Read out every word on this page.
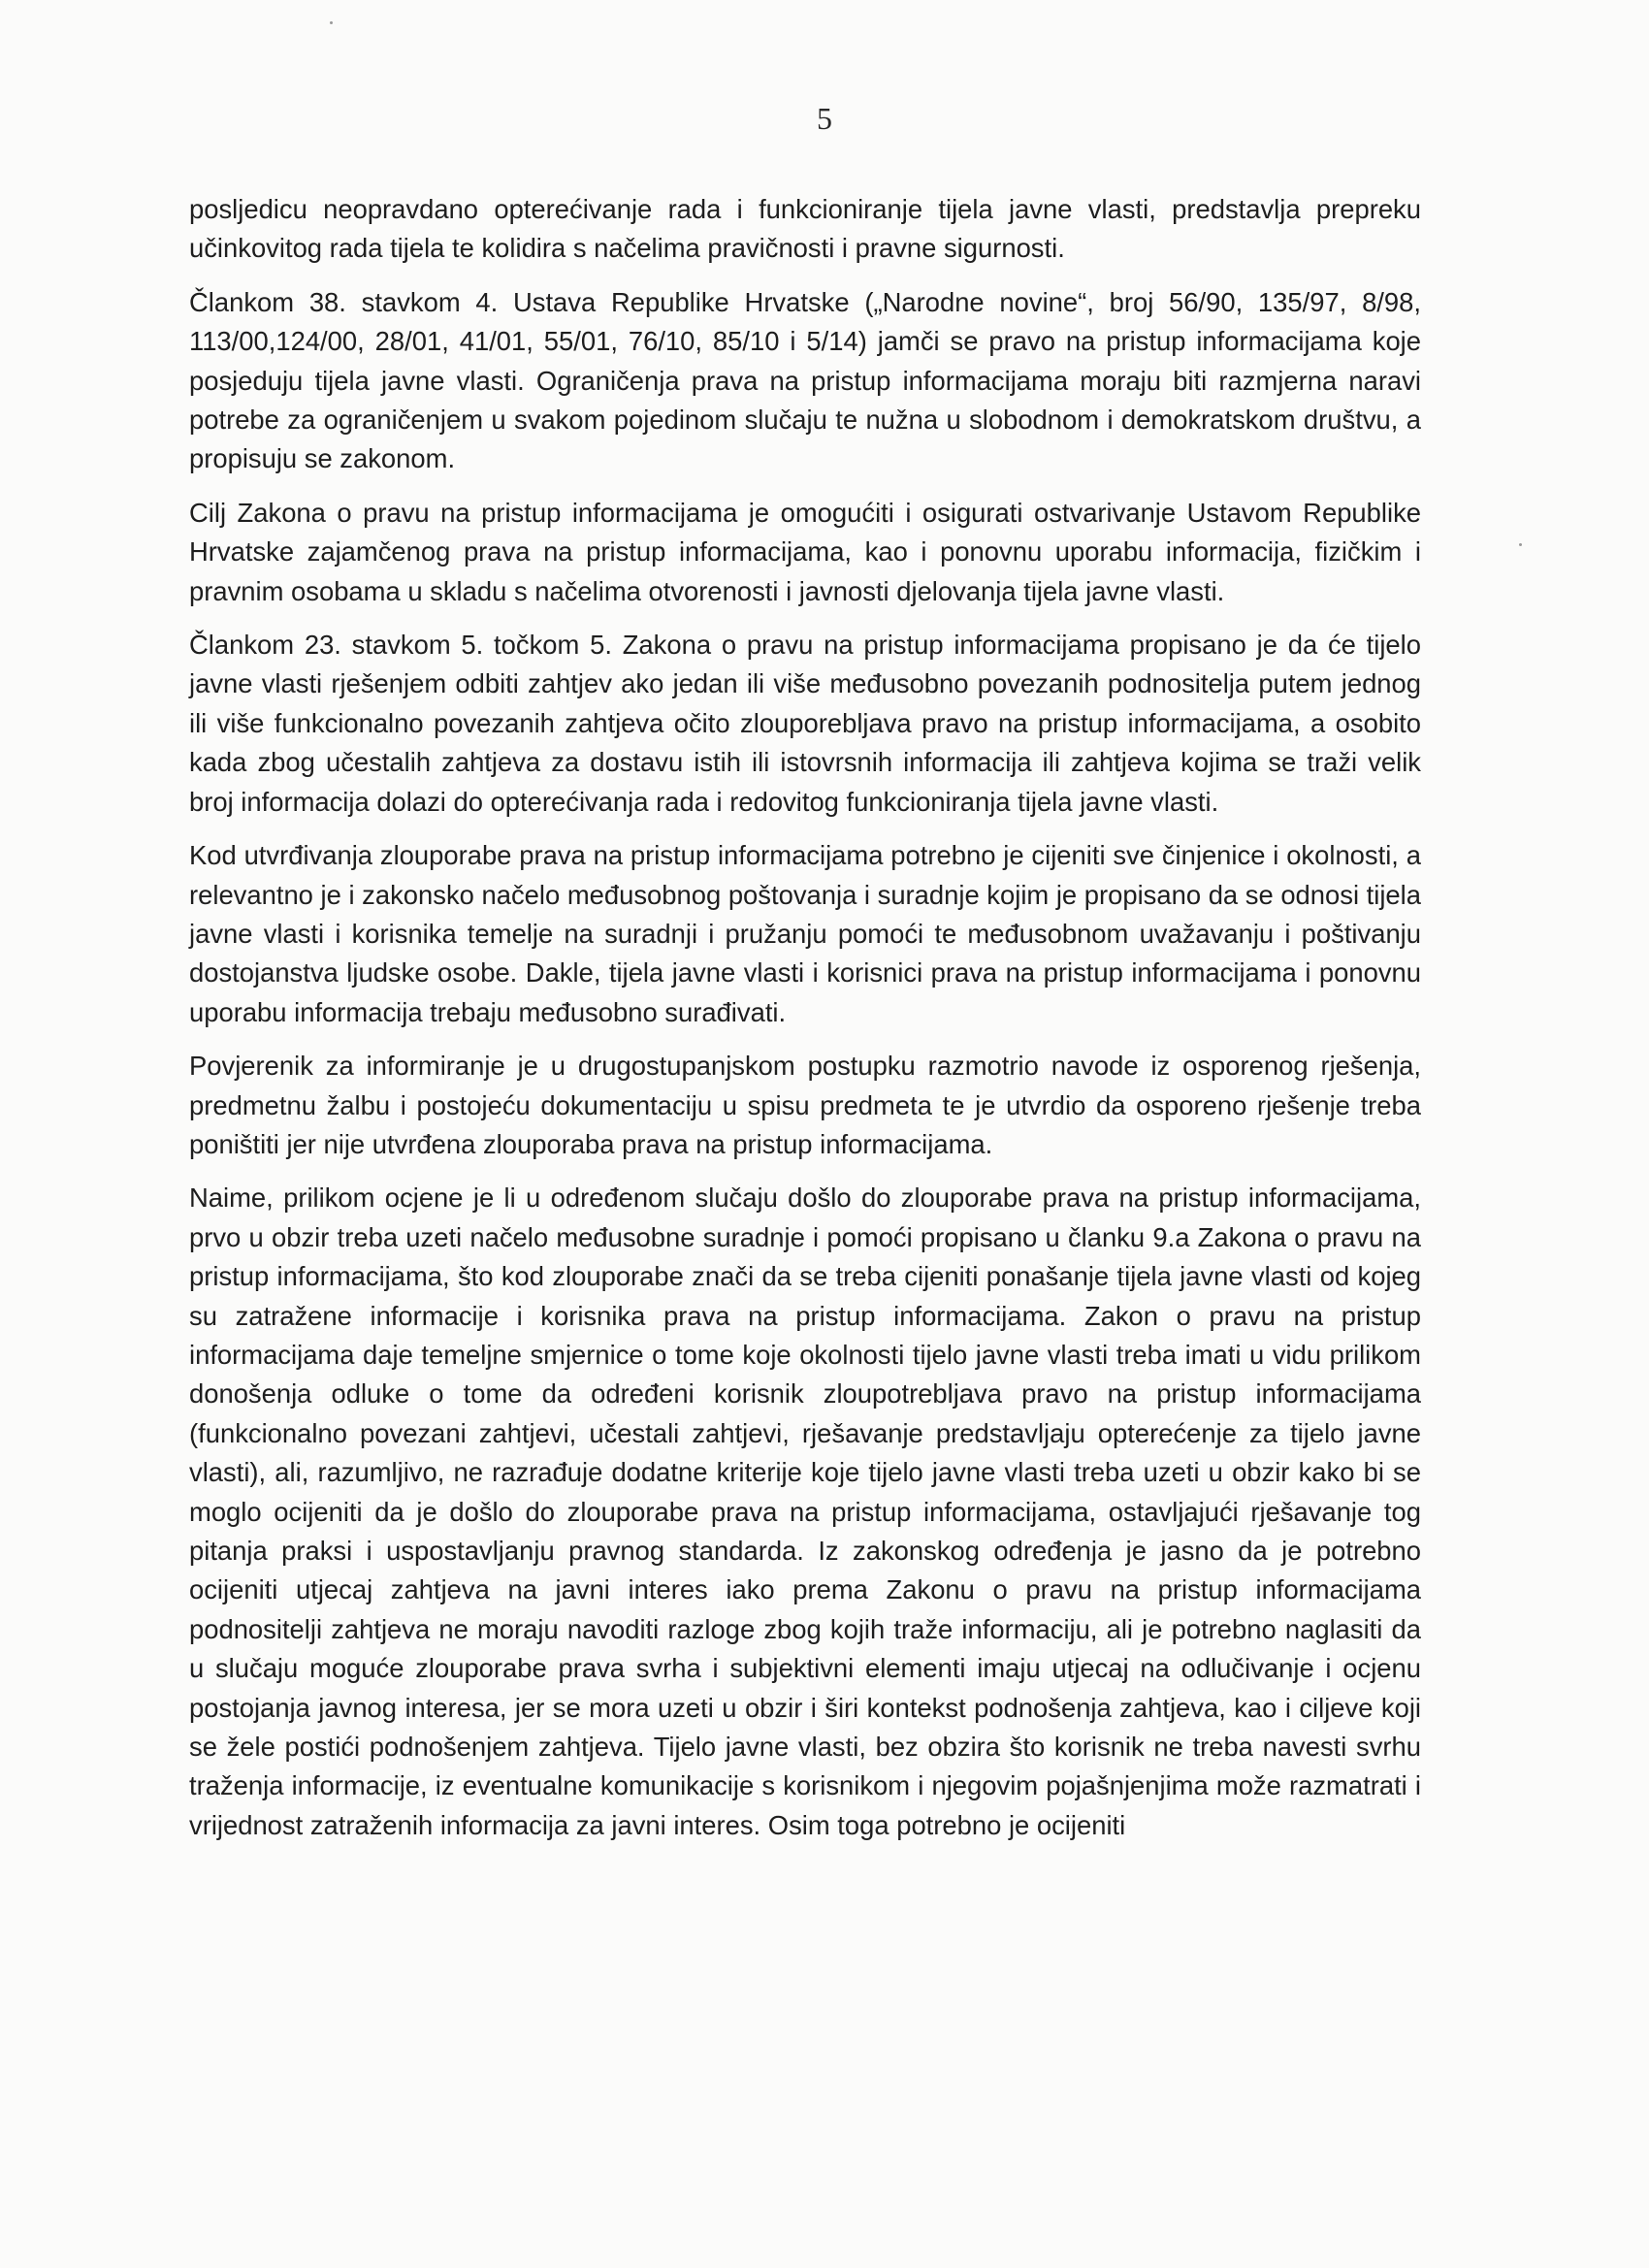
5

posljedicu neopravdano opterećivanje rada i funkcioniranje tijela javne vlasti, predstavlja prepreku učinkovitog rada tijela te kolidira s načelima pravičnosti i pravne sigurnosti.

Člankom 38. stavkom 4. Ustava Republike Hrvatske („Narodne novine“, broj 56/90, 135/97, 8/98, 113/00,124/00, 28/01, 41/01, 55/01, 76/10, 85/10 i 5/14) jamči se pravo na pristup informacijama koje posjeduju tijela javne vlasti. Ograničenja prava na pristup informacijama moraju biti razmjerna naravi potrebe za ograničenjem u svakom pojedinom slučaju te nužna u slobodnom i demokratskom društvu, a propisuju se zakonom.

Cilj Zakona o pravu na pristup informacijama je omogućiti i osigurati ostvarivanje Ustavom Republike Hrvatske zajamčenog prava na pristup informacijama, kao i ponovnu uporabu informacija, fizičkim i pravnim osobama u skladu s načelima otvorenosti i javnosti djelovanja tijela javne vlasti.

Člankom 23. stavkom 5. točkom 5. Zakona o pravu na pristup informacijama propisano je da će tijelo javne vlasti rješenjem odbiti zahtjev ako jedan ili više međusobno povezanih podnositelja putem jednog ili više funkcionalno povezanih zahtjeva očito zlouporebljava pravo na pristup informacijama, a osobito kada zbog učestalih zahtjeva za dostavu istih ili istovrsnih informacija ili zahtjeva kojima se traži velik broj informacija dolazi do opterećivanja rada i redovitog funkcioniranja tijela javne vlasti.

Kod utvrđivanja zlouporabe prava na pristup informacijama potrebno je cijeniti sve činjenice i okolnosti, a relevantno je i zakonsko načelo međusobnog poštovanja i suradnje kojim je propisano da se odnosi tijela javne vlasti i korisnika temelje na suradnji i pružanju pomoći te međusobnom uvažavanju i poštivanju dostojanstva ljudske osobe. Dakle, tijela javne vlasti i korisnici prava na pristup informacijama i ponovnu uporabu informacija trebaju međusobno surađivati.

Povjerenik za informiranje je u drugostupanjskom postupku razmotrio navode iz osporenog rješenja, predmetnu žalbu i postojeću dokumentaciju u spisu predmeta te je utvrdio da osporeno rješenje treba poništiti jer nije utvrđena zlouporaba prava na pristup informacijama.

Naime, prilikom ocjene je li u određenom slučaju došlo do zlouporabe prava na pristup informacijama, prvo u obzir treba uzeti načelo međusobne suradnje i pomoći propisano u članku 9.a Zakona o pravu na pristup informacijama, što kod zlouporabe znači da se treba cijeniti ponašanje tijela javne vlasti od kojeg su zatražene informacije i korisnika prava na pristup informacijama. Zakon o pravu na pristup informacijama daje temeljne smjernice o tome koje okolnosti tijelo javne vlasti treba imati u vidu prilikom donošenja odluke o tome da određeni korisnik zloupotrebljava pravo na pristup informacijama (funkcionalno povezani zahtjevi, učestali zahtjevi, rješavanje predstavljaju opterećenje za tijelo javne vlasti), ali, razumljivo, ne razrađuje dodatne kriterije koje tijelo javne vlasti treba uzeti u obzir kako bi se moglo ocijeniti da je došlo do zlouporabe prava na pristup informacijama, ostavljajući rješavanje tog pitanja praksi i uspostavljanju pravnog standarda. Iz zakonskog određenja je jasno da je potrebno ocijeniti utjecaj zahtjeva na javni interes iako prema Zakonu o pravu na pristup informacijama podnositelji zahtjeva ne moraju navoditi razloge zbog kojih traže informaciju, ali je potrebno naglasiti da u slučaju moguće zlouporabe prava svrha i subjektivni elementi imaju utjecaj na odlučivanje i ocjenu postojanja javnog interesa, jer se mora uzeti u obzir i širi kontekst podnošenja zahtjeva, kao i ciljeve koji se žele postići podnošenjem zahtjeva. Tijelo javne vlasti, bez obzira što korisnik ne treba navesti svrhu traženja informacije, iz eventualne komunikacije s korisnikom i njegovim pojašnjenjima može razmatrati i vrijednost zatraženih informacija za javni interes. Osim toga potrebno je ocijeniti
